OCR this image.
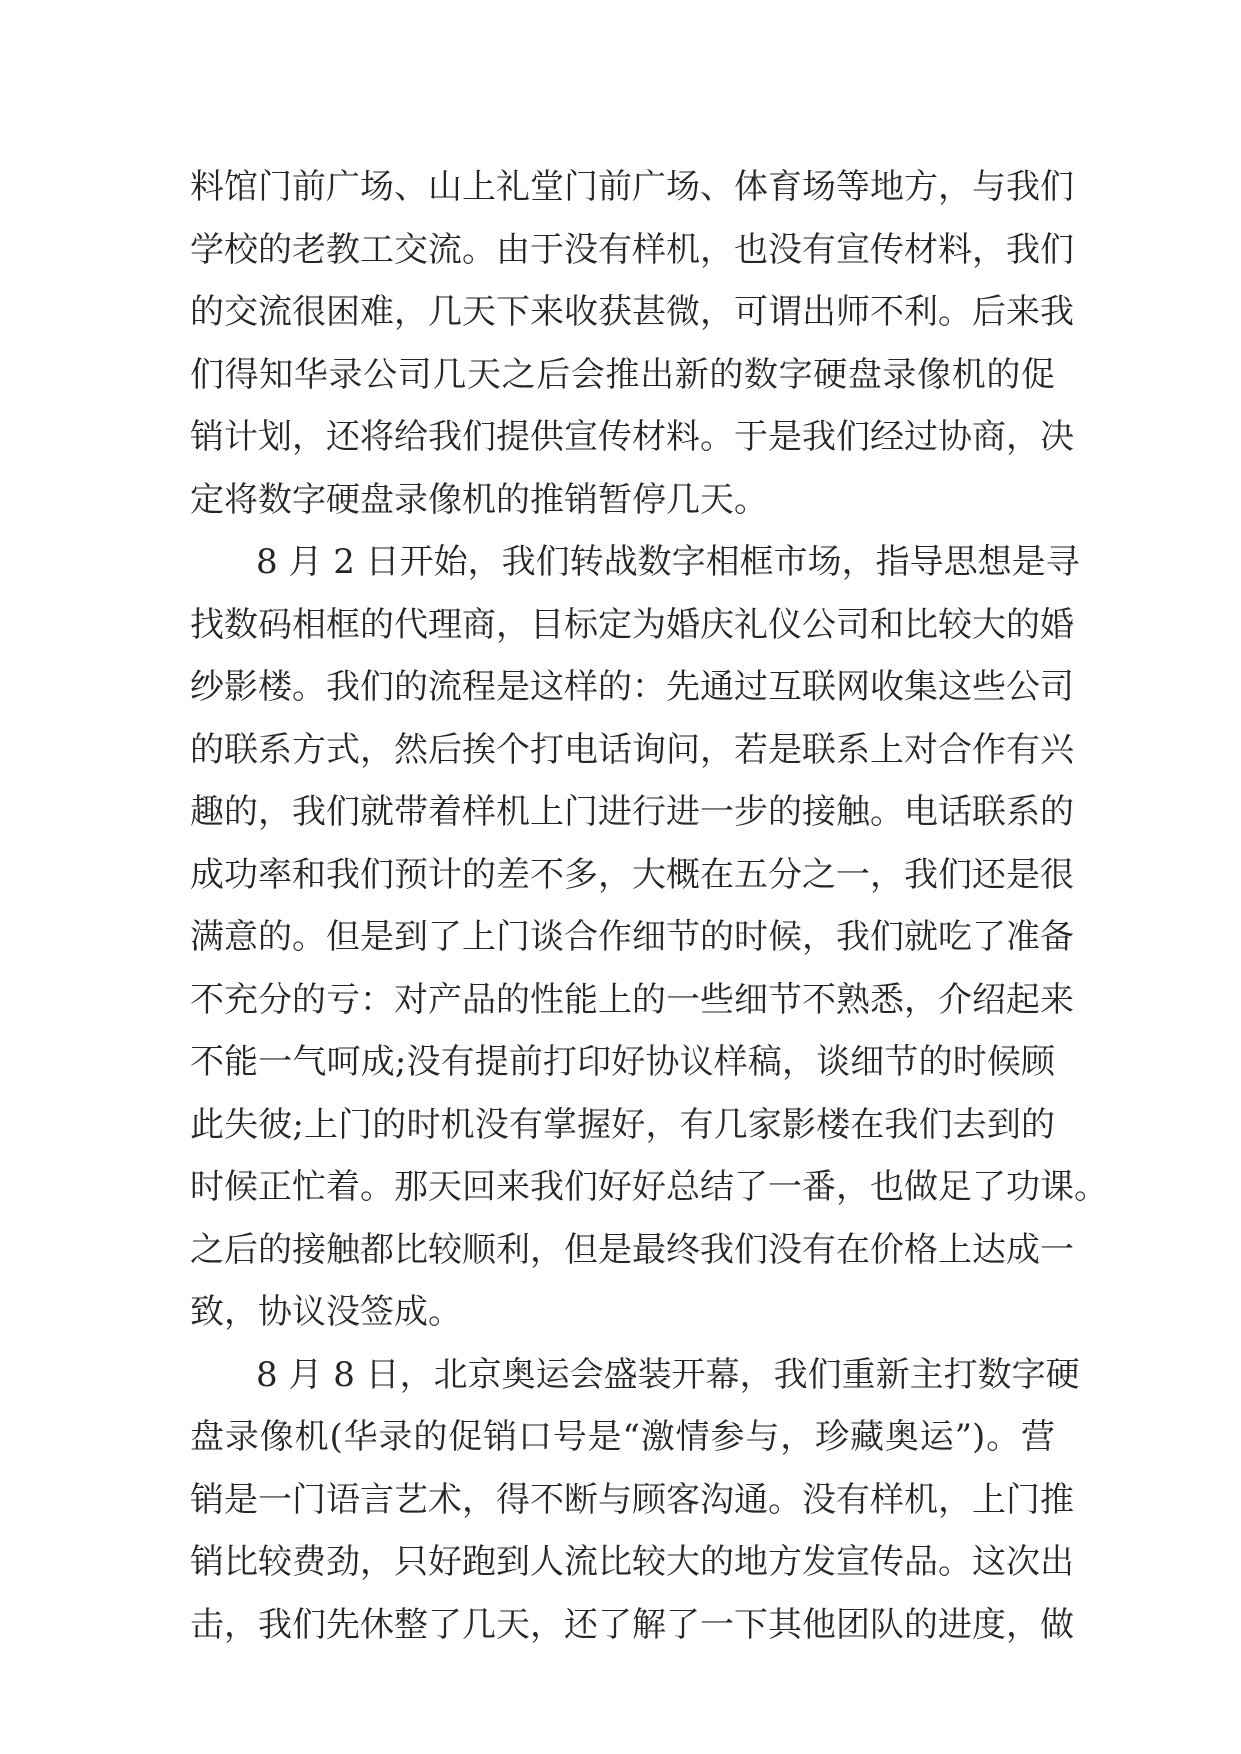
料馆门前广场、山上礼堂门前广场、体育场等地方，与我们
学校的老教工交流。由于没有样机，也没有宣传材料，我们
的交流很困难，几天下来收获甚微，可谓出师不利。后来我
们得知华录公司几天之后会推出新的数字硬盘录像机的促
销计划，还将给我们提供宣传材料。于是我们经过协商，决
定将数字硬盘录像机的推销暂停几天。
8 月 2 日开始，我们转战数字相框市场，指导思想是寻
找数码相框的代理商，目标定为婚庆礼仪公司和比较大的婚
纱影楼。我们的流程是这样的：先通过互联网收集这些公司
的联系方式，然后挨个打电话询问，若是联系上对合作有兴
趣的，我们就带着样机上门进行进一步的接触。电话联系的
成功率和我们预计的差不多，大概在五分之一，我们还是很
满意的。但是到了上门谈合作细节的时候，我们就吃了准备
不充分的亏：对产品的性能上的一些细节不熟悉，介绍起来
不能一气呵成;没有提前打印好协议样稿，谈细节的时候顾
此失彼;上门的时机没有掌握好，有几家影楼在我们去到的
时候正忙着。那天回来我们好好总结了一番，也做足了功课。
之后的接触都比较顺利，但是最终我们没有在价格上达成一
致，协议没签成。
8 月 8 日，北京奥运会盛装开幕，我们重新主打数字硬
盘录像机(华录的促销口号是“激情参与，珍藏奥运”)。营
销是一门语言艺术，得不断与顾客沟通。没有样机，上门推
销比较费劲，只好跑到人流比较大的地方发宣传品。这次出
击，我们先休整了几天，还了解了一下其他团队的进度，做
